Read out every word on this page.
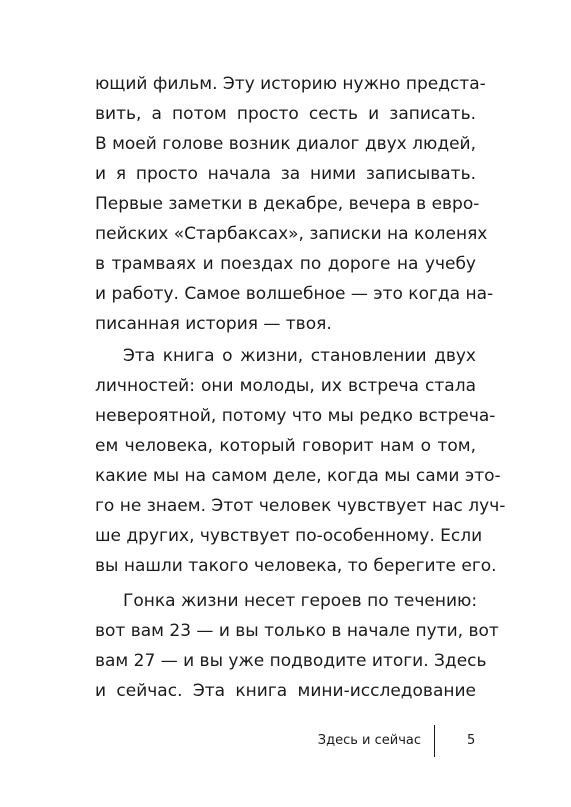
ющий фильм. Эту историю нужно предста-
вить, а потом просто сесть и записать.
В моей голове возник диалог двух людей,
и я просто начала за ними записывать.
Первые заметки в декабре, вечера в евро-
пейских «Старбаксах», записки на коленях
в трамваях и поездах по дороге на учебу
и работу. Самое волшебное — это когда на-
писанная история — твоя.
Эта книга о жизни, становлении двух
личностей: они молоды, их встреча стала
невероятной, потому что мы редко встреча-
ем человека, который говорит нам о том,
какие мы на самом деле, когда мы сами это-
го не знаем. Этот человек чувствует нас луч-
ше других, чувствует по-особенному. Если
вы нашли такого человека, то берегите его.
Гонка жизни несет героев по течению:
вот вам 23 — и вы только в начале пути, вот
вам 27 — и вы уже подводите итоги. Здесь
и сейчас. Эта книга мини-исследование
Здесь и сейчас	5
